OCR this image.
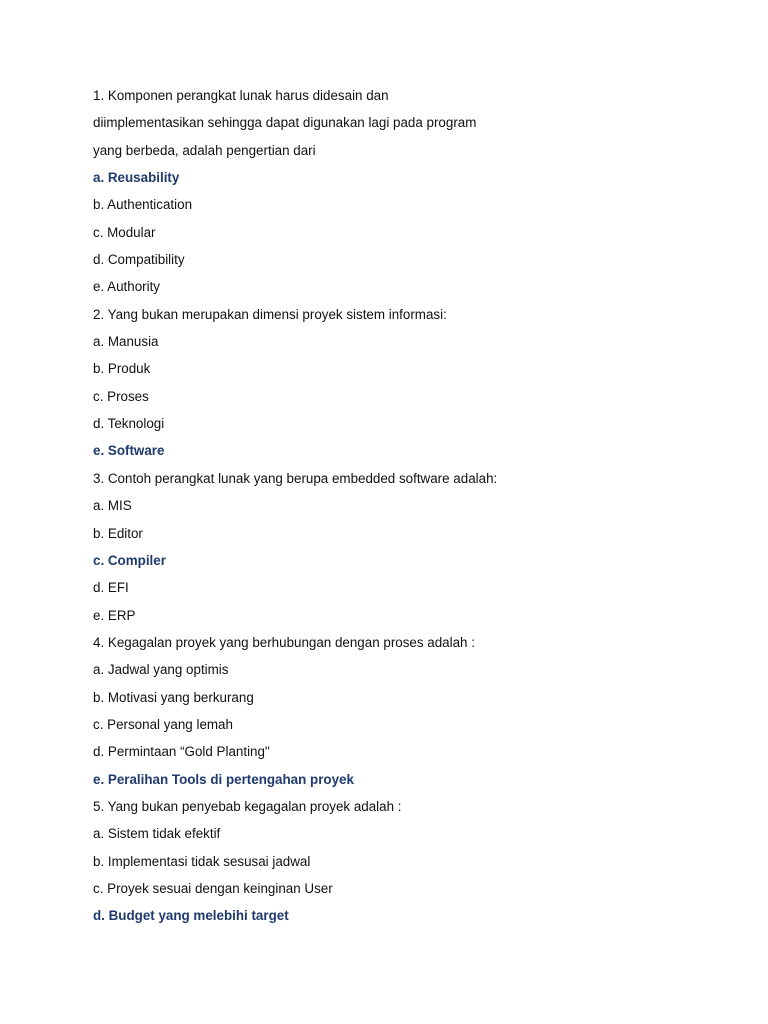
1. Komponen perangkat lunak harus didesain dan
diimplementasikan sehingga dapat digunakan lagi pada program
yang berbeda, adalah pengertian dari
a. Reusability
b. Authentication
c. Modular
d. Compatibility
e. Authority
2. Yang bukan merupakan dimensi proyek sistem informasi:
a. Manusia
b. Produk
c. Proses
d. Teknologi
e. Software
3. Contoh perangkat lunak yang berupa embedded software adalah:
a. MIS
b. Editor
c. Compiler
d. EFI
e. ERP
4. Kegagalan proyek yang berhubungan dengan proses adalah :
a. Jadwal yang optimis
b. Motivasi yang berkurang
c. Personal yang lemah
d. Permintaan “Gold Planting"
e. Peralihan Tools di pertengahan proyek
5. Yang bukan penyebab kegagalan proyek adalah :
a. Sistem tidak efektif
b. Implementasi tidak sesusai jadwal
c. Proyek sesuai dengan keinginan User
d. Budget yang melebihi target
